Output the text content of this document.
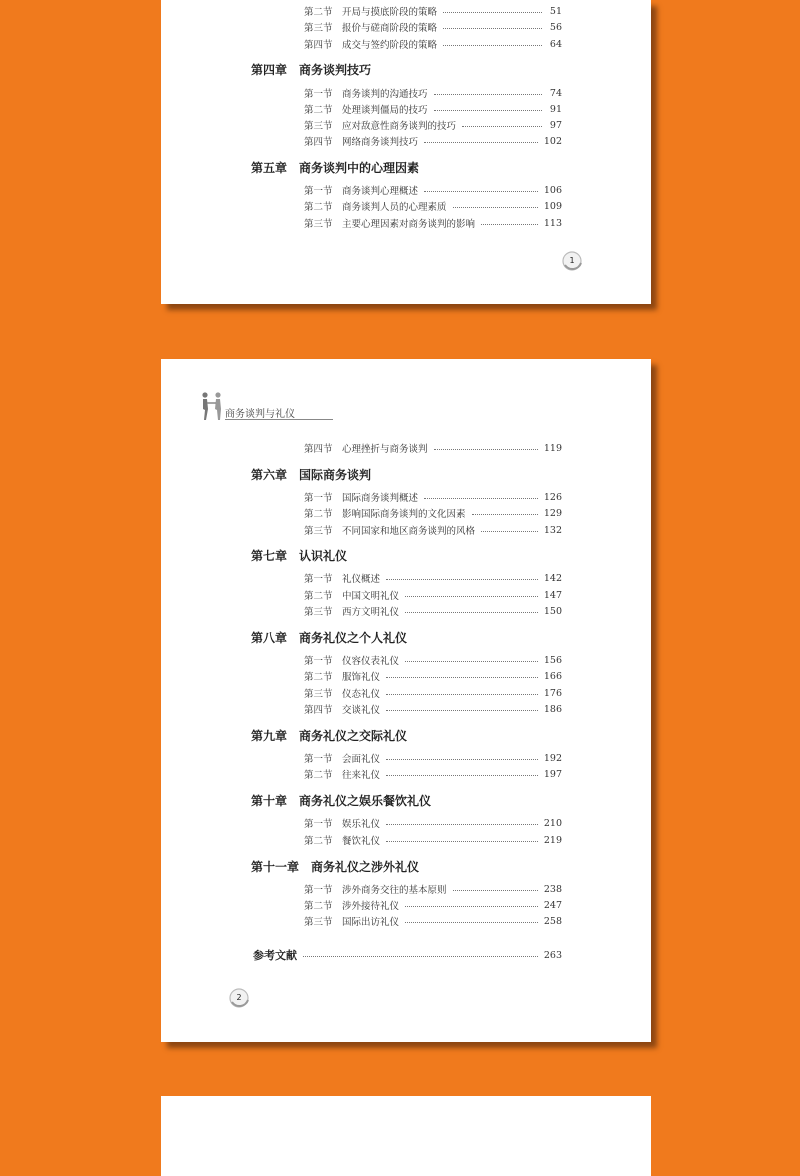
第二节 开局与摸底阶段的策略	51
第三节 报价与磋商阶段的策略	56
第四节 成交与签约阶段的策略	64
第四章 商务谈判技巧
第一节 商务谈判的沟通技巧	74
第二节 处理谈判僵局的技巧	91
第三节 应对敌意性商务谈判的技巧	97
第四节 网络商务谈判技巧	102
第五章 商务谈判中的心理因素
第一节 商务谈判心理概述	106
第二节 商务谈判人员的心理素质	109
第三节 主要心理因素对商务谈判的影响	113
1
商务谈判与礼仪
第四节 心理挫折与商务谈判	119
第六章 国际商务谈判
第一节 国际商务谈判概述	126
第二节 影响国际商务谈判的文化因素	129
第三节 不同国家和地区商务谈判的风格	132
第七章 认识礼仪
第一节 礼仪概述	142
第二节 中国文明礼仪	147
第三节 西方文明礼仪	150
第八章 商务礼仪之个人礼仪
第一节 仪容仪表礼仪	156
第二节 服饰礼仪	166
第三节 仪态礼仪	176
第四节 交谈礼仪	186
第九章 商务礼仪之交际礼仪
第一节 会面礼仪	192
第二节 往来礼仪	197
第十章 商务礼仪之娱乐餐饮礼仪
第一节 娱乐礼仪	210
第二节 餐饮礼仪	219
第十一章 商务礼仪之涉外礼仪
第一节 涉外商务交往的基本原则	238
第二节 涉外接待礼仪	247
第三节 国际出访礼仪	258
参考文献	263
2
